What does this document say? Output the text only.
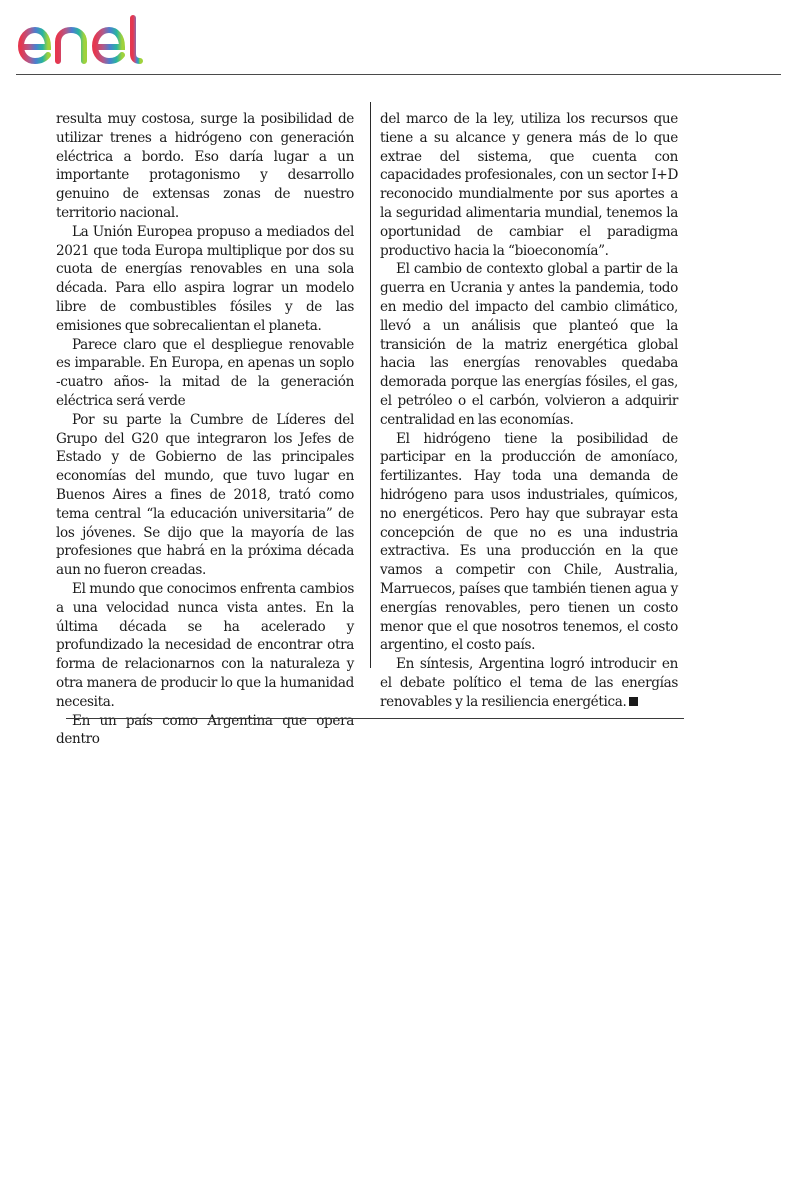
resulta muy costosa, surge la posibilidad de utilizar trenes a hidrógeno con generación eléctrica a bordo. Eso daría lugar a un importante protagonismo y desarrollo genuino de extensas zonas de nuestro territorio nacional.

La Unión Europea propuso a mediados del 2021 que toda Europa multiplique por dos su cuota de energías renovables en una sola década. Para ello aspira lograr un modelo libre de combustibles fósiles y de las emisiones que sobrecalientan el planeta.

Parece claro que el despliegue renovable es imparable. En Europa, en apenas un soplo -cuatro años- la mitad de la generación eléctrica será verde

Por su parte la Cumbre de Líderes del Grupo del G20 que integraron los Jefes de Estado y de Gobierno de las principales economías del mundo, que tuvo lugar en Buenos Aires a fines de 2018, trató como tema central “la educación universitaria” de los jóvenes. Se dijo que la mayoría de las profesiones que habrá en la próxima década aun no fueron creadas.

El mundo que conocimos enfrenta cambios a una velocidad nunca vista antes. En la última década se ha acelerado y profundizado la necesidad de encontrar otra forma de relacionarnos con la naturaleza y otra manera de producir lo que la humanidad necesita.

En un país como Argentina que opera dentro

del marco de la ley, utiliza los recursos que tiene a su alcance y genera más de lo que extrae del sistema, que cuenta con capacidades profesionales, con un sector I+D reconocido mundialmente por sus aportes a la seguridad alimentaria mundial, tenemos la oportunidad de cambiar el paradigma productivo hacia la “bioeconomía”.

El cambio de contexto global a partir de la guerra en Ucrania y antes la pandemia, todo en medio del impacto del cambio climático, llevó a un análisis que planteó que la transición de la matriz energética global hacia las energías renovables quedaba demorada porque las energías fósiles, el gas, el petróleo o el carbón, volvieron a adquirir centralidad en las economías.

El hidrógeno tiene la posibilidad de participar en la producción de amoníaco, fertilizantes. Hay toda una demanda de hidrógeno para usos industriales, químicos, no energéticos. Pero hay que subrayar esta concepción de que no es una industria extractiva. Es una producción en la que vamos a competir con Chile, Australia, Marruecos, países que también tienen agua y energías renovables, pero tienen un costo menor que el que nosotros tenemos, el costo argentino, el costo país.

En síntesis, Argentina logró introducir en el debate político el tema de las energías renovables y la resiliencia energética.
